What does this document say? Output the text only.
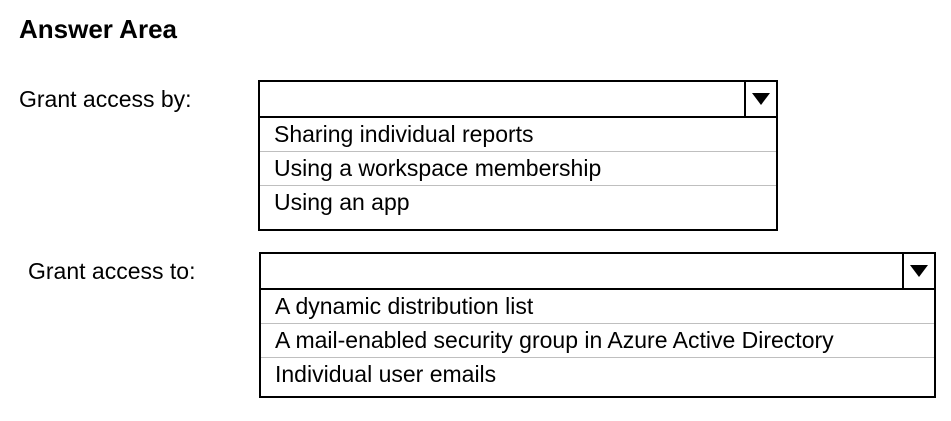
Answer Area
Grant access by:
Sharing individual reports
Using a workspace membership
Using an app
Grant access to:
A dynamic distribution list
A mail-enabled security group in Azure Active Directory
Individual user emails
